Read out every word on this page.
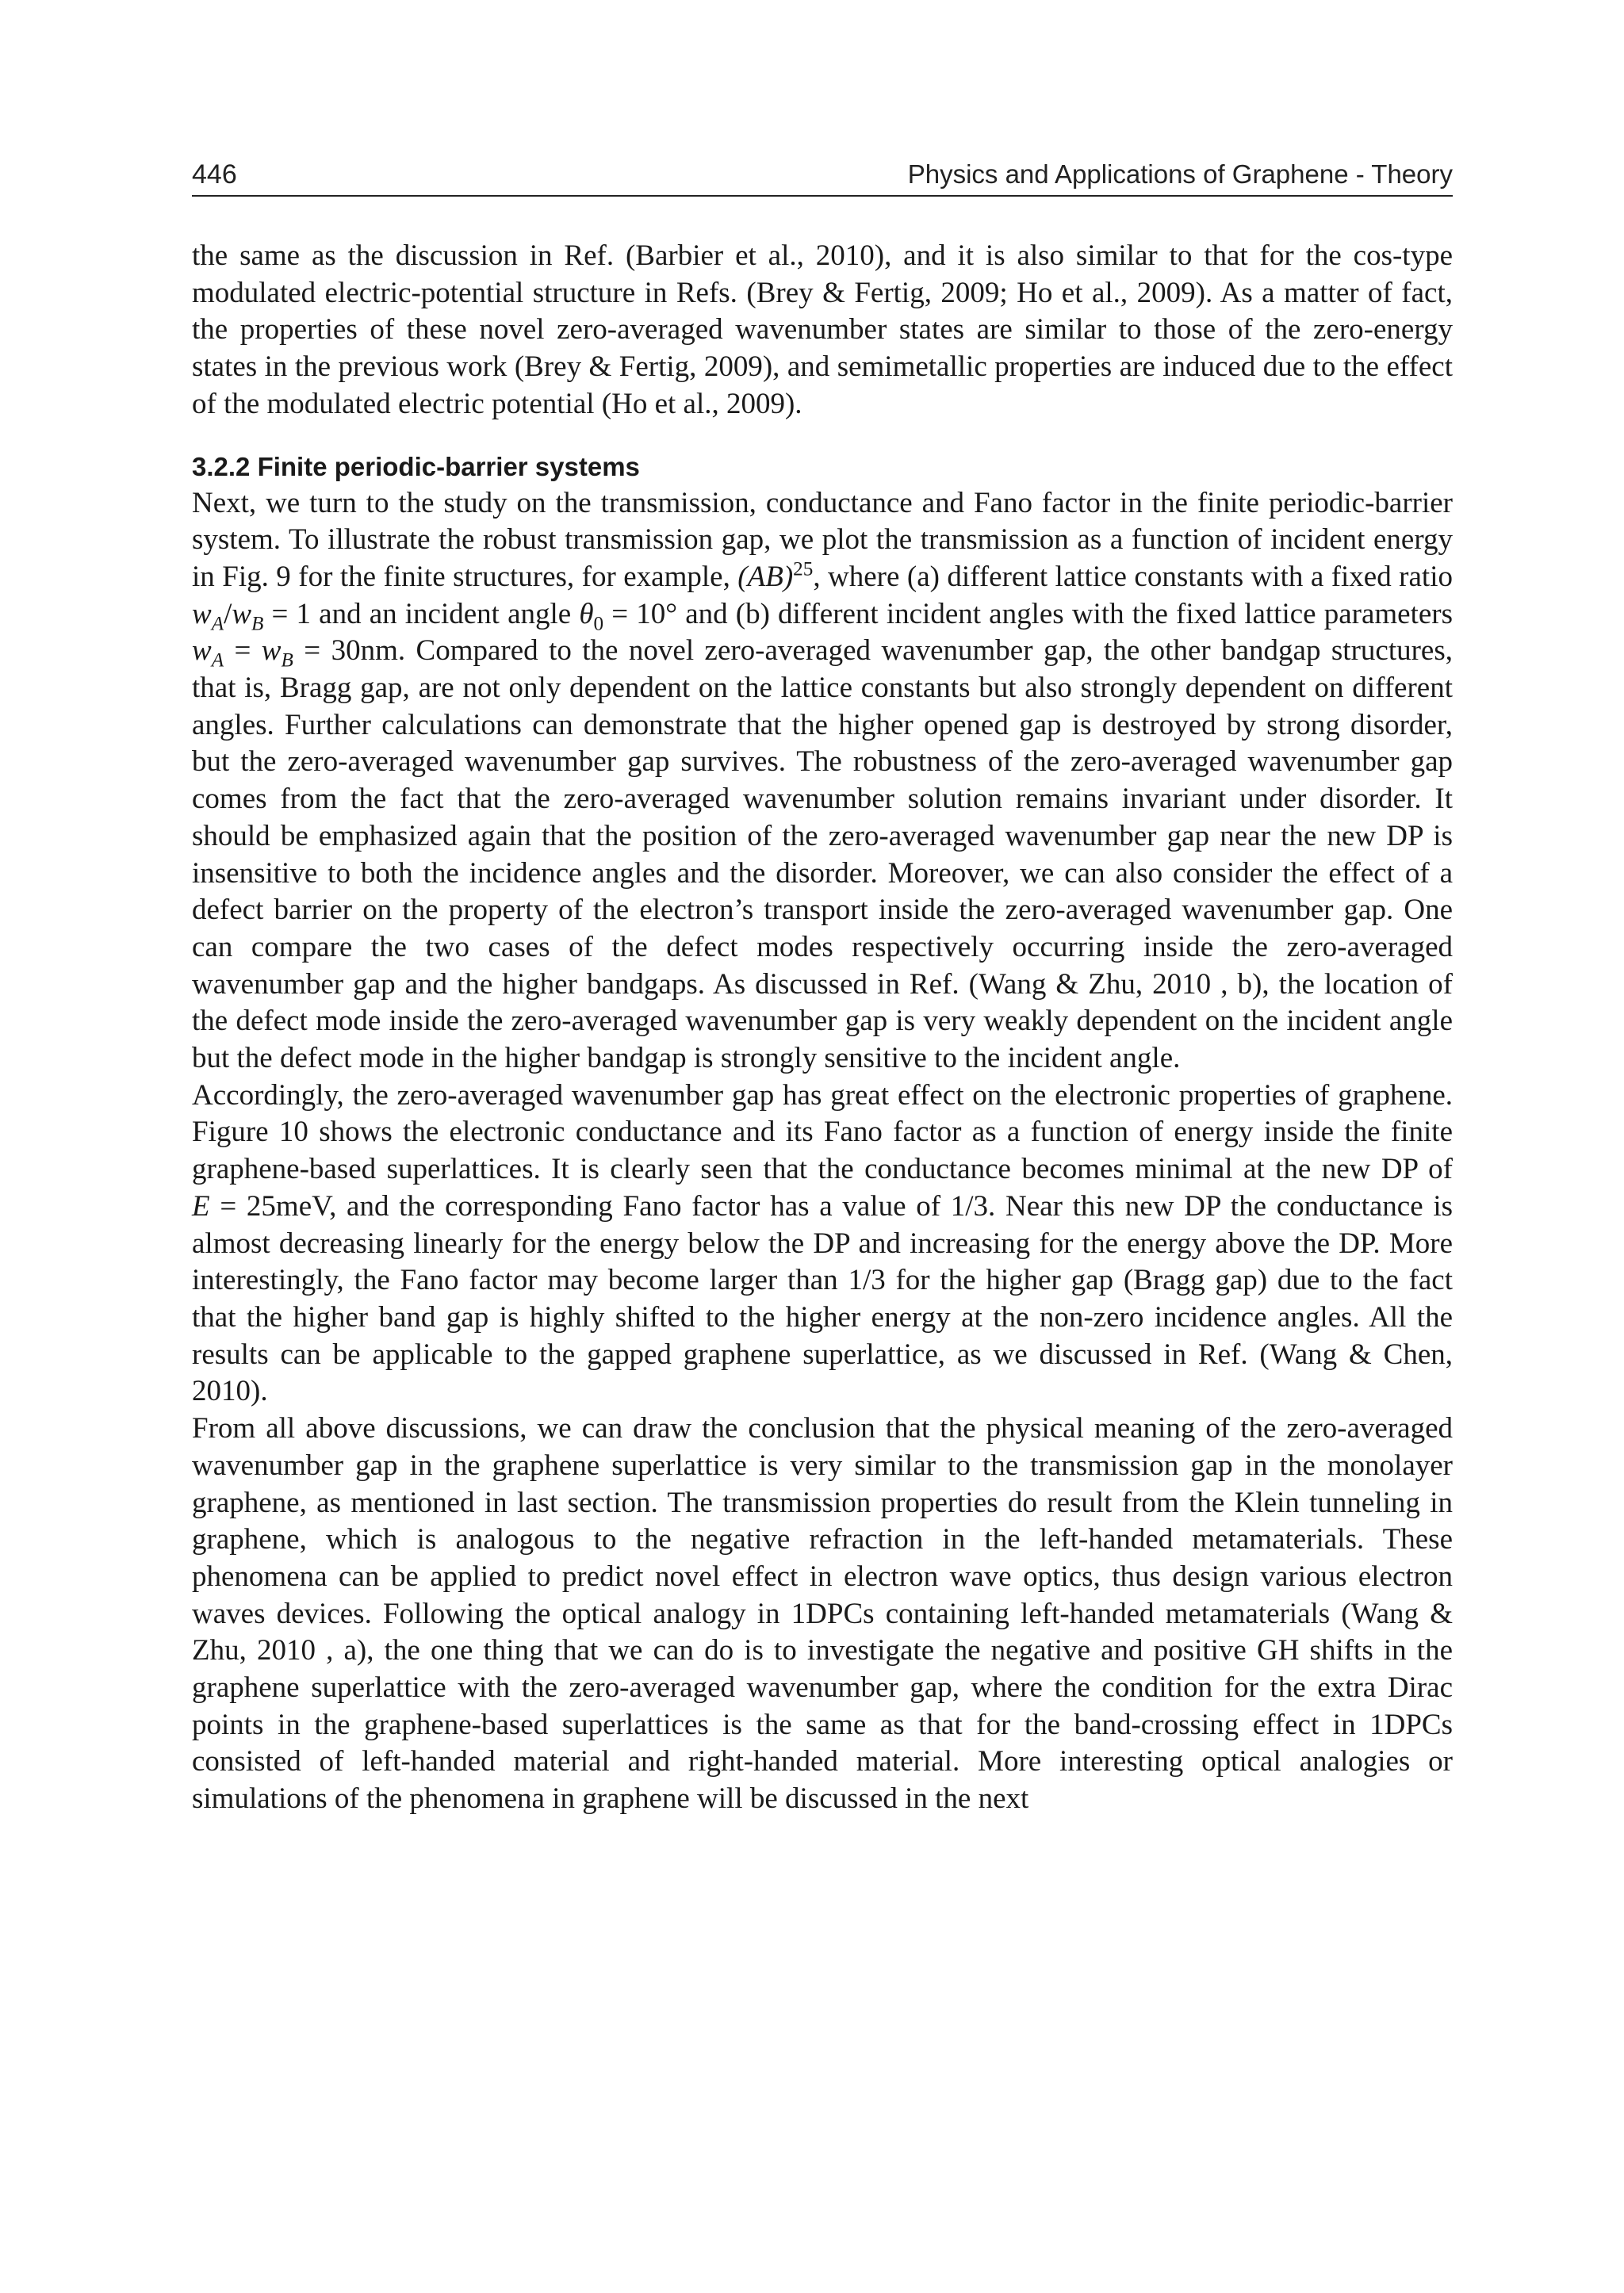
446	Physics and Applications of Graphene - Theory

the same as the discussion in Ref. (Barbier et al., 2010), and it is also similar to that for the cos-type modulated electric-potential structure in Refs. (Brey & Fertig, 2009; Ho et al., 2009). As a matter of fact, the properties of these novel zero-averaged wavenumber states are similar to those of the zero-energy states in the previous work (Brey & Fertig, 2009), and semimetallic properties are induced due to the effect of the modulated electric potential (Ho et al., 2009).

3.2.2 Finite periodic-barrier systems

Next, we turn to the study on the transmission, conductance and Fano factor in the finite periodic-barrier system. To illustrate the robust transmission gap, we plot the transmission as a function of incident energy in Fig. 9 for the finite structures, for example, (AB)$^{25}$, where (a) different lattice constants with a fixed ratio $w_A/w_B = 1$ and an incident angle $\theta_0 = 10^\circ$ and (b) different incident angles with the fixed lattice parameters $w_A = w_B = 30nm$. Compared to the novel zero-averaged wavenumber gap, the other bandgap structures, that is, Bragg gap, are not only dependent on the lattice constants but also strongly dependent on different angles. Further calculations can demonstrate that the higher opened gap is destroyed by strong disorder, but the zero-averaged wavenumber gap survives. The robustness of the zero-averaged wavenumber gap comes from the fact that the zero-averaged wavenumber solution remains invariant under disorder. It should be emphasized again that the position of the zero-averaged wavenumber gap near the new DP is insensitive to both the incidence angles and the disorder. Moreover, we can also consider the effect of a defect barrier on the property of the electron’s transport inside the zero-averaged wavenumber gap. One can compare the two cases of the defect modes respectively occurring inside the zero-averaged wavenumber gap and the higher bandgaps. As discussed in Ref. (Wang & Zhu, 2010 , b), the location of the defect mode inside the zero-averaged wavenumber gap is very weakly dependent on the incident angle but the defect mode in the higher bandgap is strongly sensitive to the incident angle.

Accordingly, the zero-averaged wavenumber gap has great effect on the electronic properties of graphene. Figure 10 shows the electronic conductance and its Fano factor as a function of energy inside the finite graphene-based superlattices. It is clearly seen that the conductance becomes minimal at the new DP of E = 25meV, and the corresponding Fano factor has a value of 1/3. Near this new DP the conductance is almost decreasing linearly for the energy below the DP and increasing for the energy above the DP. More interestingly, the Fano factor may become larger than 1/3 for the higher gap (Bragg gap) due to the fact that the higher band gap is highly shifted to the higher energy at the non-zero incidence angles. All the results can be applicable to the gapped graphene superlattice, as we discussed in Ref. (Wang & Chen, 2010).

From all above discussions, we can draw the conclusion that the physical meaning of the zero-averaged wavenumber gap in the graphene superlattice is very similar to the transmission gap in the monolayer graphene, as mentioned in last section. The transmission properties do result from the Klein tunneling in graphene, which is analogous to the negative refraction in the left-handed metamaterials. These phenomena can be applied to predict novel effect in electron wave optics, thus design various electron waves devices. Following the optical analogy in 1DPCs containing left-handed metamaterials (Wang & Zhu, 2010 , a), the one thing that we can do is to investigate the negative and positive GH shifts in the graphene superlattice with the zero-averaged wavenumber gap, where the condition for the extra Dirac points in the graphene-based superlattices is the same as that for the band-crossing effect in 1DPCs consisted of left-handed material and right-handed material. More interesting optical analogies or simulations of the phenomena in graphene will be discussed in the next
